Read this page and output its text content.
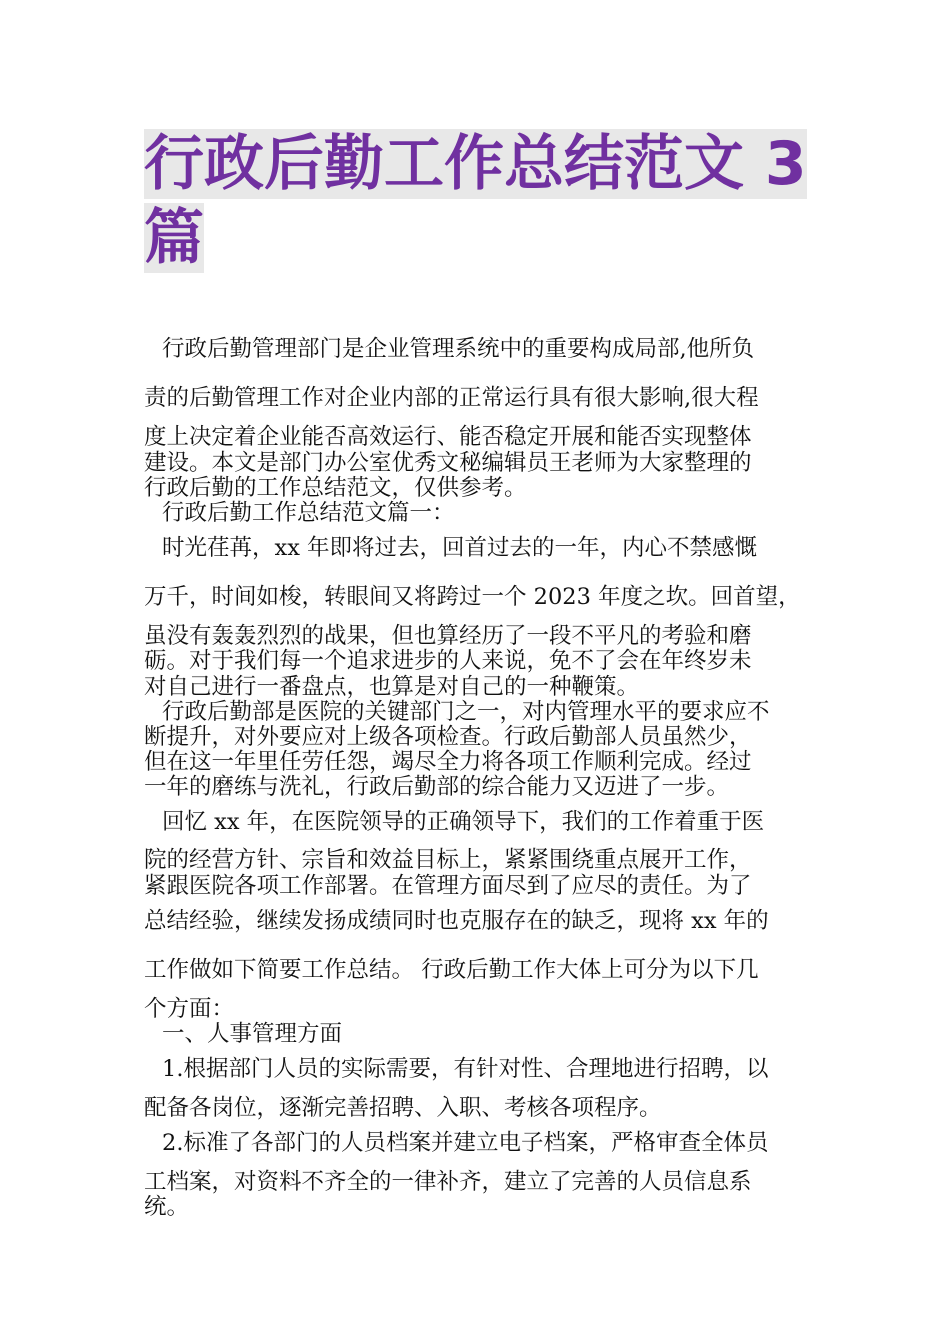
行政后勤工作总结范文 3
篇
行政后勤管理部门是企业管理系统中的重要构成局部,他所负
责的后勤管理工作对企业内部的正常运行具有很大影响,很大程
度上决定着企业能否高效运行、能否稳定开展和能否实现整体
建设。本文是部门办公室优秀文秘编辑员王老师为大家整理的
行政后勤的工作总结范文，仅供参考。
行政后勤工作总结范文篇一：
时光荏苒，xx 年即将过去，回首过去的一年，内心不禁感慨
万千，时间如梭，转眼间又将跨过一个 2023 年度之坎。回首望，
虽没有轰轰烈烈的战果，但也算经历了一段不平凡的考验和磨
砺。对于我们每一个追求进步的人来说，免不了会在年终岁未
对自己进行一番盘点，也算是对自己的一种鞭策。
行政后勤部是医院的关键部门之一，对内管理水平的要求应不
断提升，对外要应对上级各项检查。行政后勤部人员虽然少，
但在这一年里任劳任怨，竭尽全力将各项工作顺利完成。经过
一年的磨练与洗礼，行政后勤部的综合能力又迈进了一步。
回忆 xx 年，在医院领导的正确领导下，我们的工作着重于医
院的经营方针、宗旨和效益目标上，紧紧围绕重点展开工作，
紧跟医院各项工作部署。在管理方面尽到了应尽的责任。为了
总结经验，继续发扬成绩同时也克服存在的缺乏，现将 xx 年的
工作做如下简要工作总结。 行政后勤工作大体上可分为以下几
个方面：
一、人事管理方面
1.根据部门人员的实际需要，有针对性、合理地进行招聘，以
配备各岗位，逐渐完善招聘、入职、考核各项程序。
2.标准了各部门的人员档案并建立电子档案，严格审查全体员
工档案，对资料不齐全的一律补齐，建立了完善的人员信息系
统。
